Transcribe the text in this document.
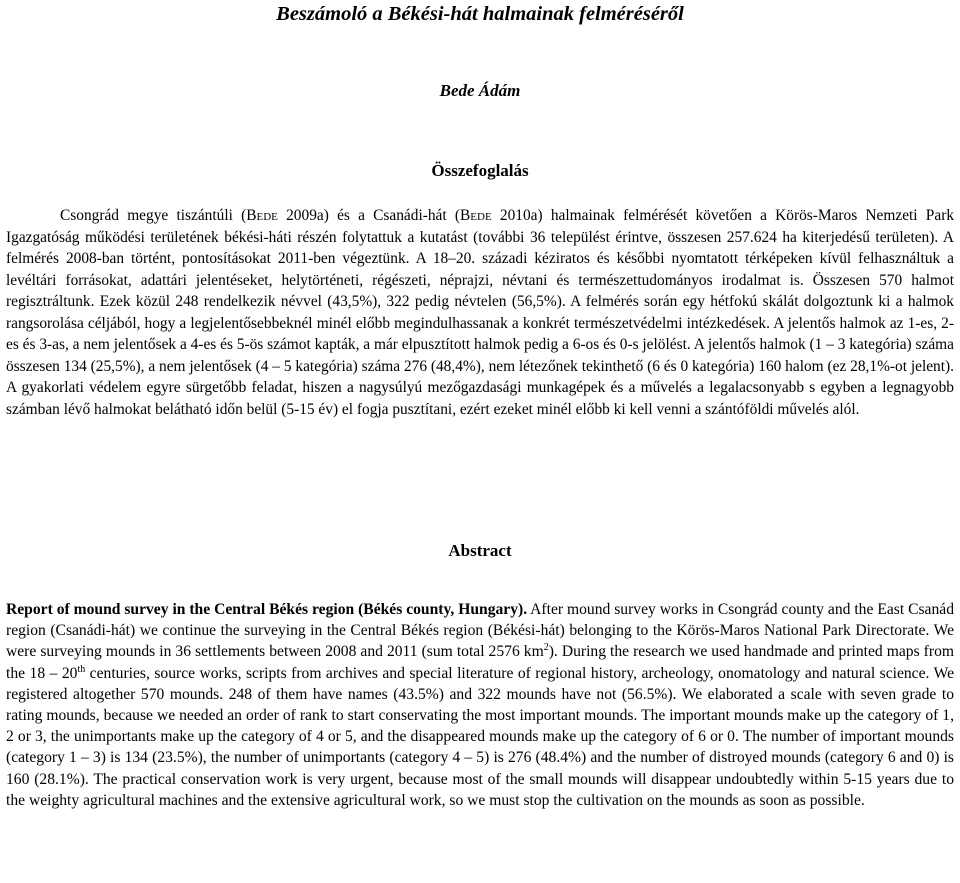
Beszámoló a Békési-hát halmainak felméréséről

Bede Ádám

Összefoglalás

Csongrád megye tiszántúli (Bede 2009a) és a Csanádi-hát (Bede 2010a) halmainak felmérését követően a Körös-Maros Nemzeti Park Igazgatóság működési területének békési-háti részén folytattuk a kutatást (további 36 települést érintve, összesen 257.624 ha kiterjedésű területen). A felmérés 2008-ban történt, pontosításokat 2011-ben végeztünk. A 18–20. századi kéziratos és későbbi nyomtatott térképeken kívül felhasználtuk a levéltári forrásokat, adattári jelentéseket, helytörténeti, régészeti, néprajzi, névtani és természettudományos irodalmat is. Összesen 570 halmot regisztráltunk. Ezek közül 248 rendelkezik névvel (43,5%), 322 pedig névtelen (56,5%). A felmérés során egy hétfokú skálát dolgoztunk ki a halmok rangsorolása céljából, hogy a legjelentősebbeknél minél előbb megindulhassanak a konkrét természetvédelmi intézkedések. A jelentős halmok az 1-es, 2-es és 3-as, a nem jelentősek a 4-es és 5-ös számot kapták, a már elpusztított halmok pedig a 6-os és 0-s jelölést. A jelentős halmok (1 – 3 kategória) száma összesen 134 (25,5%), a nem jelentősek (4 – 5 kategória) száma 276 (48,4%), nem létezőnek tekinthető (6 és 0 kategória) 160 halom (ez 28,1%-ot jelent). A gyakorlati védelem egyre sürgetőbb feladat, hiszen a nagysúlyú mezőgazdasági munkagépek és a művelés a legalacsonyabb s egyben a legnagyobb számban lévő halmokat belátható időn belül (5-15 év) el fogja pusztítani, ezért ezeket minél előbb ki kell venni a szántóföldi művelés alól.

Abstract

Report of mound survey in the Central Békés region (Békés county, Hungary). After mound survey works in Csongrád county and the East Csanád region (Csanádi-hát) we continue the surveying in the Central Békés region (Békési-hát) belonging to the Körös-Maros National Park Directorate. We were surveying mounds in 36 settlements between 2008 and 2011 (sum total 2576 $km^2$). During the research we used handmade and printed maps from the 18 – 20th centuries, source works, scripts from archives and special literature of regional history, archeology, onomatology and natural science. We registered altogether 570 mounds. 248 of them have names (43.5%) and 322 mounds have not (56.5%). We elaborated a scale with seven grade to rating mounds, because we needed an order of rank to start conservating the most important mounds. The important mounds make up the category of 1, 2 or 3, the unimportants make up the category of 4 or 5, and the disappeared mounds make up the category of 6 or 0. The number of important mounds (category 1 – 3) is 134 (23.5%), the number of unimportants (category 4 – 5) is 276 (48.4%) and the number of distroyed mounds (category 6 and 0) is 160 (28.1%). The practical conservation work is very urgent, because most of the small mounds will disappear undoubtedly within 5-15 years due to the weighty agricultural machines and the extensive agricultural work, so we must stop the cultivation on the mounds as soon as possible.
